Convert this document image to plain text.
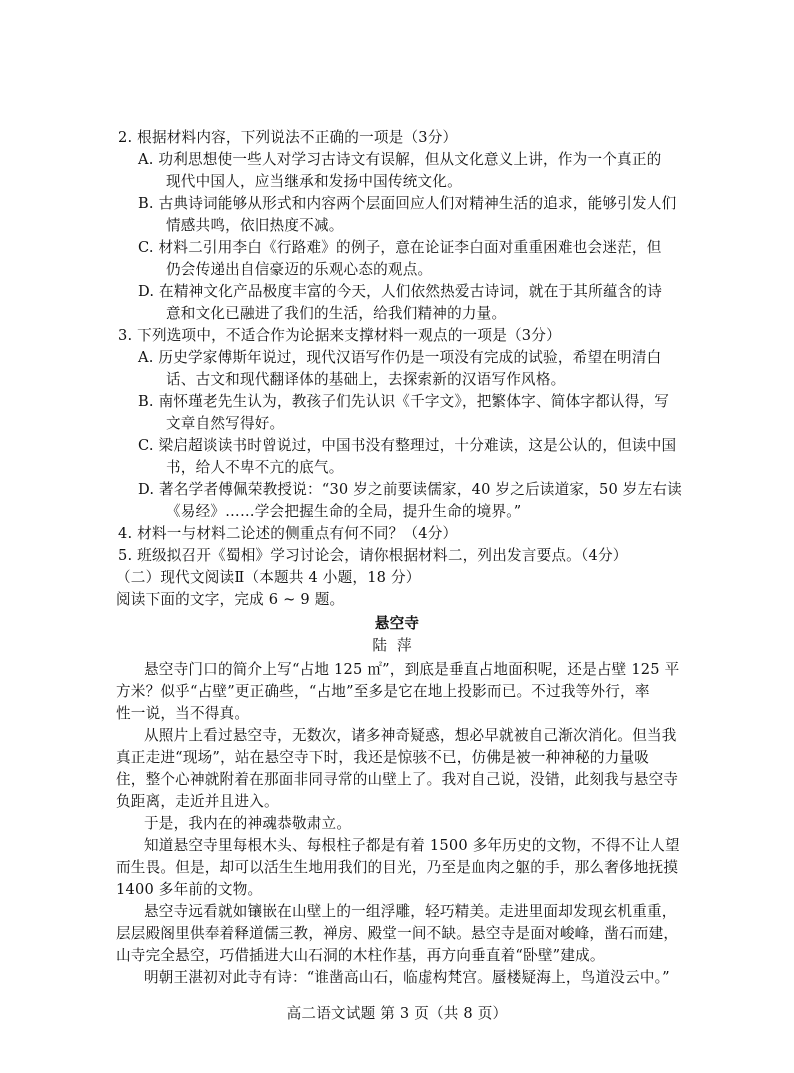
2. 根据材料内容，下列说法不正确的一项是（3分）
A. 功利思想使一些人对学习古诗文有误解，但从文化意义上讲，作为一个真正的
现代中国人，应当继承和发扬中国传统文化。
B. 古典诗词能够从形式和内容两个层面回应人们对精神生活的追求，能够引发人们
情感共鸣，依旧热度不减。
C. 材料二引用李白《行路难》的例子，意在论证李白面对重重困难也会迷茫，但
仍会传递出自信豪迈的乐观心态的观点。
D. 在精神文化产品极度丰富的今天，人们依然热爱古诗词，就在于其所蕴含的诗
意和文化已融进了我们的生活，给我们精神的力量。
3. 下列选项中，不适合作为论据来支撑材料一观点的一项是（3分）
A. 历史学家傅斯年说过，现代汉语写作仍是一项没有完成的试验，希望在明清白
话、古文和现代翻译体的基础上，去探索新的汉语写作风格。
B. 南怀瑾老先生认为，教孩子们先认识《千字文》，把繁体字、简体字都认得，写
文章自然写得好。
C. 梁启超谈读书时曾说过，中国书没有整理过，十分难读，这是公认的，但读中国
书，给人不卑不亢的底气。
D. 著名学者傅佩荣教授说：“30 岁之前要读儒家，40 岁之后读道家，50 岁左右读
《易经》……学会把握生命的全局，提升生命的境界。”
4. 材料一与材料二论述的侧重点有何不同？（4分）
5. 班级拟召开《蜀相》学习讨论会，请你根据材料二，列出发言要点。（4分）
（二）现代文阅读Ⅱ（本题共 4 小题，18 分）
阅读下面的文字，完成 6 ~ 9 题。
悬空寺
陆萍
悬空寺门口的简介上写“占地 125 ㎡”，到底是垂直占地面积呢，还是占壁 125 平
方米？似乎“占壁”更正确些，“占地”至多是它在地上投影而已。不过我等外行，率
性一说，当不得真。
从照片上看过悬空寺，无数次，诸多神奇疑惑，想必早就被自己渐次消化。但当我
真正走进“现场”，站在悬空寺下时，我还是惊骇不已，仿佛是被一种神秘的力量吸
住，整个心神就附着在那面非同寻常的山壁上了。我对自己说，没错，此刻我与悬空寺
负距离，走近并且进入。
于是，我内在的神魂恭敬肃立。
知道悬空寺里每根木头、每根柱子都是有着 1500 多年历史的文物，不得不让人望
而生畏。但是，却可以活生生地用我们的目光，乃至是血肉之躯的手，那么奢侈地抚摸
1400 多年前的文物。
悬空寺远看就如镶嵌在山壁上的一组浮雕，轻巧精美。走进里面却发现玄机重重，
层层殿阁里供奉着释道儒三教，禅房、殿堂一间不缺。悬空寺是面对峻峰，凿石而建，
山寺完全悬空，巧借插进大山石洞的木柱作基，再方向垂直着“卧壁”建成。
明朝王湛初对此寺有诗：“谁凿高山石，临虚构梵宫。蜃楼疑海上，鸟道没云中。”
高二语文试题 第 3 页（共 8 页）
